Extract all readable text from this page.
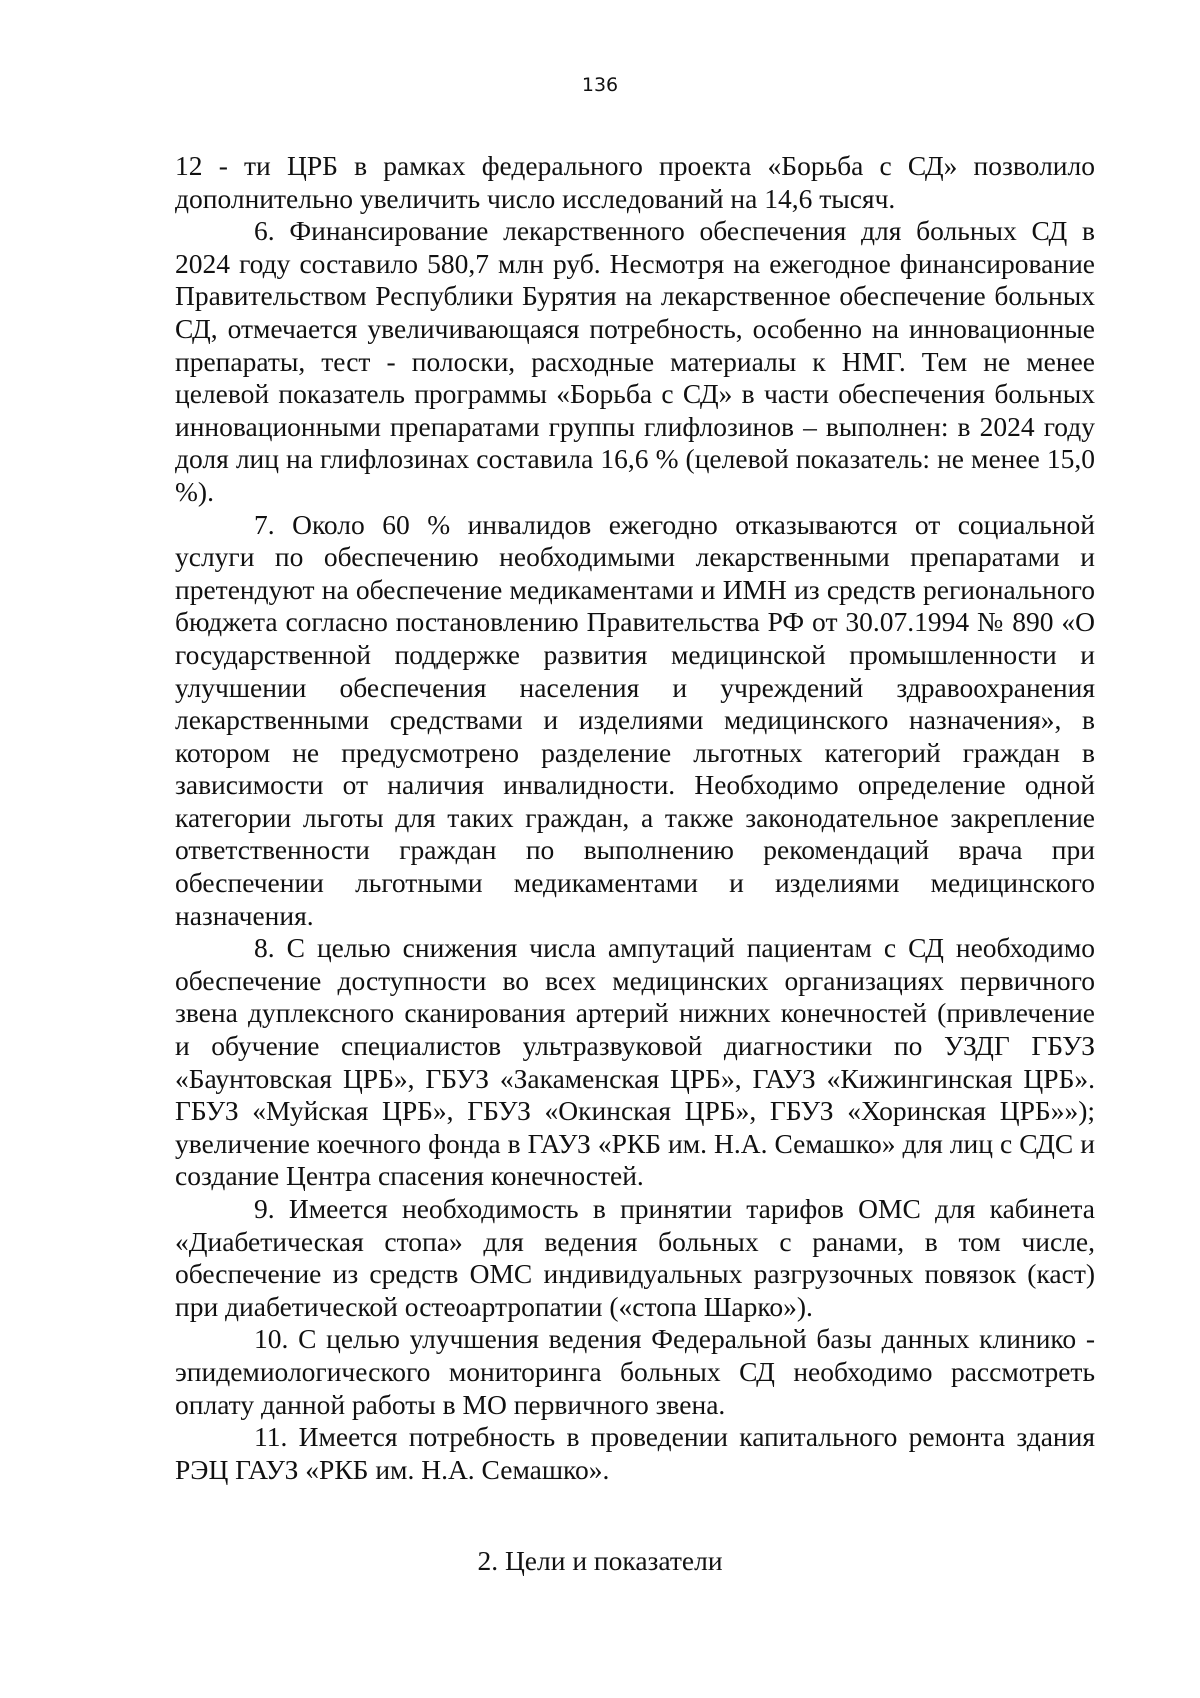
136

12 - ти ЦРБ в рамках федерального проекта «Борьба с СД» позволило дополнительно увеличить число исследований на 14,6 тысяч.

6. Финансирование лекарственного обеспечения для больных СД в 2024 году составило 580,7 млн руб. Несмотря на ежегодное финансирование Правительством Республики Бурятия на лекарственное обеспечение больных СД, отмечается увеличивающаяся потребность, особенно на инновационные препараты, тест - полоски, расходные материалы к НМГ. Тем не менее целевой показатель программы «Борьба с СД» в части обеспечения больных инновационными препаратами группы глифлозинов – выполнен: в 2024 году доля лиц на глифлозинах составила 16,6 % (целевой показатель: не менее 15,0 %).

7. Около 60 % инвалидов ежегодно отказываются от социальной услуги по обеспечению необходимыми лекарственными препаратами и претендуют на обеспечение медикаментами и ИМН из средств регионального бюджета согласно постановлению Правительства РФ от 30.07.1994 № 890 «О государственной поддержке развития медицинской промышленности и улучшении обеспечения населения и учреждений здравоохранения лекарственными средствами и изделиями медицинского назначения», в котором не предусмотрено разделение льготных категорий граждан в зависимости от наличия инвалидности. Необходимо определение одной категории льготы для таких граждан, а также законодательное закрепление ответственности граждан по выполнению рекомендаций врача при обеспечении льготными медикаментами и изделиями медицинского назначения.

8. С целью снижения числа ампутаций пациентам с СД необходимо обеспечение доступности во всех медицинских организациях первичного звена дуплексного сканирования артерий нижних конечностей (привлечение и обучение специалистов ультразвуковой диагностики по УЗДГ ГБУЗ «Баунтовская ЦРБ», ГБУЗ «Закаменская ЦРБ», ГАУЗ «Кижингинская ЦРБ». ГБУЗ «Муйская ЦРБ», ГБУЗ «Окинская ЦРБ», ГБУЗ «Хоринская ЦРБ»»); увеличение коечного фонда в ГАУЗ «РКБ им. Н.А. Семашко» для лиц с СДС и создание Центра спасения конечностей.

9. Имеется необходимость в принятии тарифов ОМС для кабинета «Диабетическая стопа» для ведения больных с ранами, в том числе, обеспечение из средств ОМС индивидуальных разгрузочных повязок (каст) при диабетической остеоартропатии («стопа Шарко»).

10. С целью улучшения ведения Федеральной базы данных клинико - эпидемиологического мониторинга больных СД необходимо рассмотреть оплату данной работы в МО первичного звена.

11. Имеется потребность в проведении капитального ремонта здания РЭЦ ГАУЗ «РКБ им. Н.А. Семашко».

2. Цели и показатели
